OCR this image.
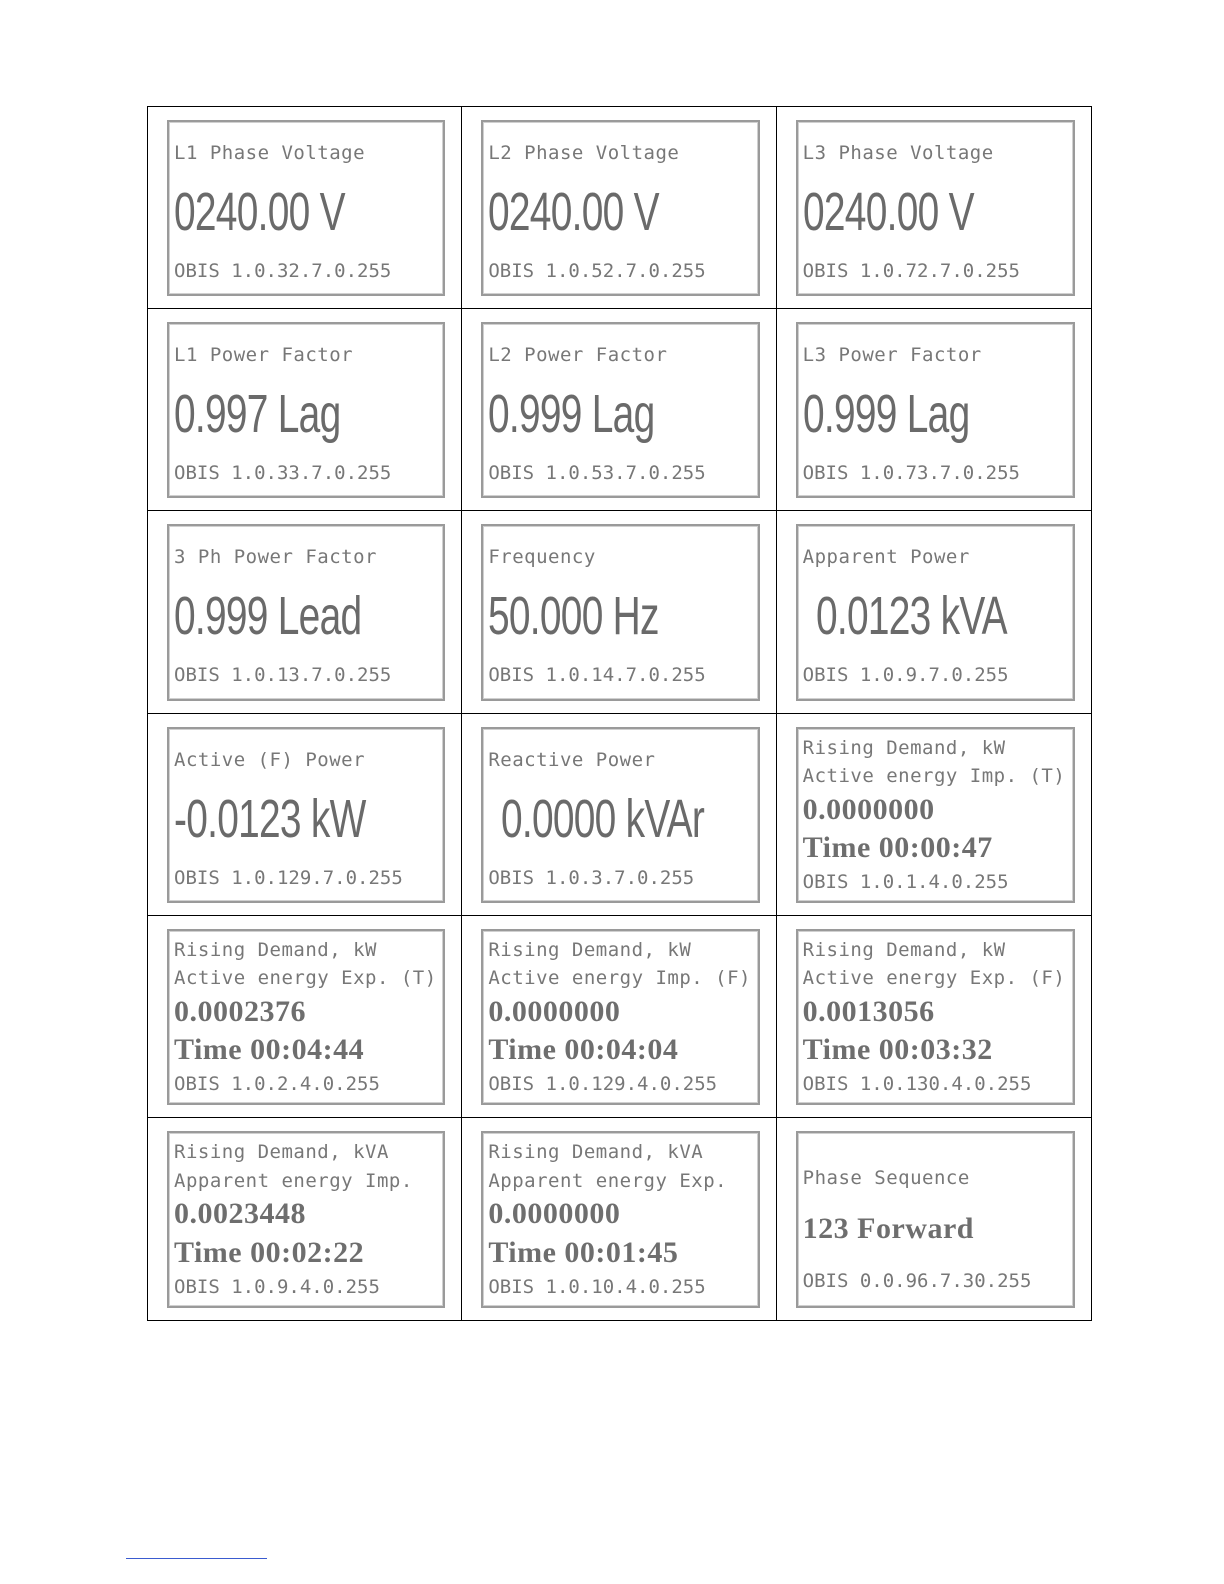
L1 Phase Voltage
0240.00 V
OBIS 1.0.32.7.0.255
L2 Phase Voltage
0240.00 V
OBIS 1.0.52.7.0.255
L3 Phase Voltage
0240.00 V
OBIS 1.0.72.7.0.255
L1 Power Factor
0.997 Lag
OBIS 1.0.33.7.0.255
L2 Power Factor
0.999 Lag
OBIS 1.0.53.7.0.255
L3 Power Factor
0.999 Lag
OBIS 1.0.73.7.0.255
3 Ph Power Factor
0.999 Lead
OBIS 1.0.13.7.0.255
Frequency
50.000 Hz
OBIS 1.0.14.7.0.255
Apparent Power
0.0123 kVA
OBIS 1.0.9.7.0.255
Active (F) Power
-0.0123 kW
OBIS 1.0.129.7.0.255
Reactive Power
0.0000 kVAr
OBIS 1.0.3.7.0.255
Rising Demand, kW
Active energy Imp. (T)
0.0000000
Time 00:00:47
OBIS 1.0.1.4.0.255
Rising Demand, kW
Active energy Exp. (T)
0.0002376
Time 00:04:44
OBIS 1.0.2.4.0.255
Rising Demand, kW
Active energy Imp. (F)
0.0000000
Time 00:04:04
OBIS 1.0.129.4.0.255
Rising Demand, kW
Active energy Exp. (F)
0.0013056
Time 00:03:32
OBIS 1.0.130.4.0.255
Rising Demand, kVA
Apparent energy Imp.
0.0023448
Time 00:02:22
OBIS 1.0.9.4.0.255
Rising Demand, kVA
Apparent energy Exp.
0.0000000
Time 00:01:45
OBIS 1.0.10.4.0.255
Phase Sequence
123 Forward
OBIS 0.0.96.7.30.255
